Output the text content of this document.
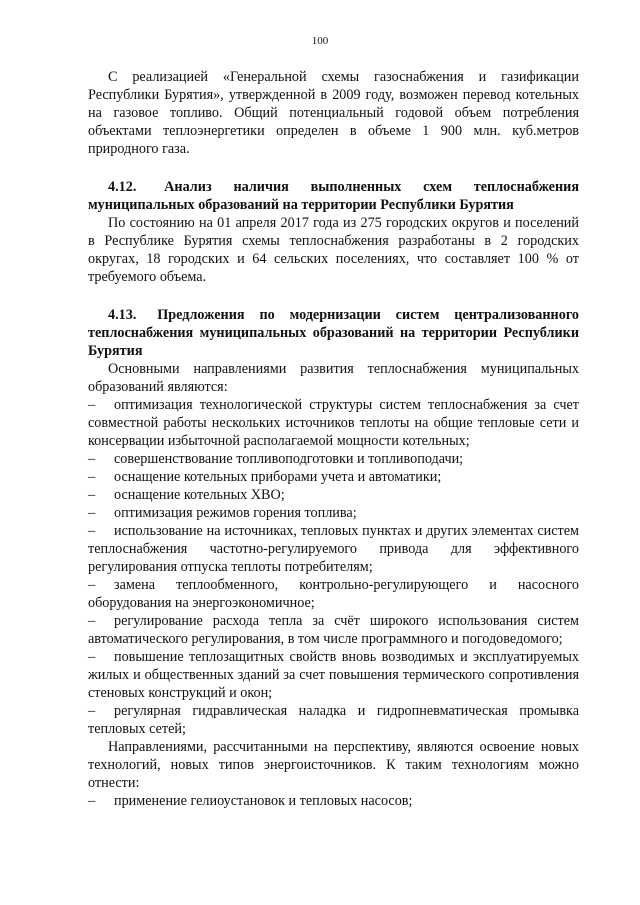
100

С реализацией «Генеральной схемы газоснабжения и газификации Республики Бурятия», утвержденной в 2009 году, возможен перевод котельных на газовое топливо. Общий потенциальный годовой объем потребления объектами теплоэнергетики определен в объеме 1 900 млн. куб.метров природного газа.

4.12. Анализ наличия выполненных схем теплоснабжения муниципальных образований на территории Республики Бурятия

По состоянию на 01 апреля 2017 года из 275 городских округов и поселений в Республике Бурятия схемы теплоснабжения разработаны в 2 городских округах, 18 городских и 64 сельских поселениях, что составляет 100 % от требуемого объема.

4.13. Предложения по модернизации систем централизованного теплоснабжения муниципальных образований на территории Республики Бурятия

Основными направлениями развития теплоснабжения муниципальных образований являются:

– оптимизация технологической структуры систем теплоснабжения за счет совместной работы нескольких источников теплоты на общие тепловые сети и консервации избыточной располагаемой мощности котельных;

–	совершенствование топливоподготовки и топливоподачи;

–	оснащение котельных приборами учета и автоматики;

–	оснащение котельных ХВО;

–	оптимизация режимов горения топлива;

– использование на источниках, тепловых пунктах и других элементах систем теплоснабжения частотно-регулируемого привода для эффективного регулирования отпуска теплоты потребителям;

– замена теплообменного, контрольно-регулирующего и насосного оборудования на энергоэкономичное;

– регулирование расхода тепла за счёт широкого использования систем автоматического регулирования, в том числе программного и погодоведомого;

– повышение теплозащитных свойств вновь возводимых и эксплуатируемых жилых и общественных зданий за счет повышения термического сопротивления стеновых конструкций и окон;

– регулярная гидравлическая наладка и гидропневматическая промывка тепловых сетей;

Направлениями, рассчитанными на перспективу, являются освоение новых технологий, новых типов энергоисточников. К таким технологиям можно отнести:

–	применение гелиоустановок и тепловых насосов;
